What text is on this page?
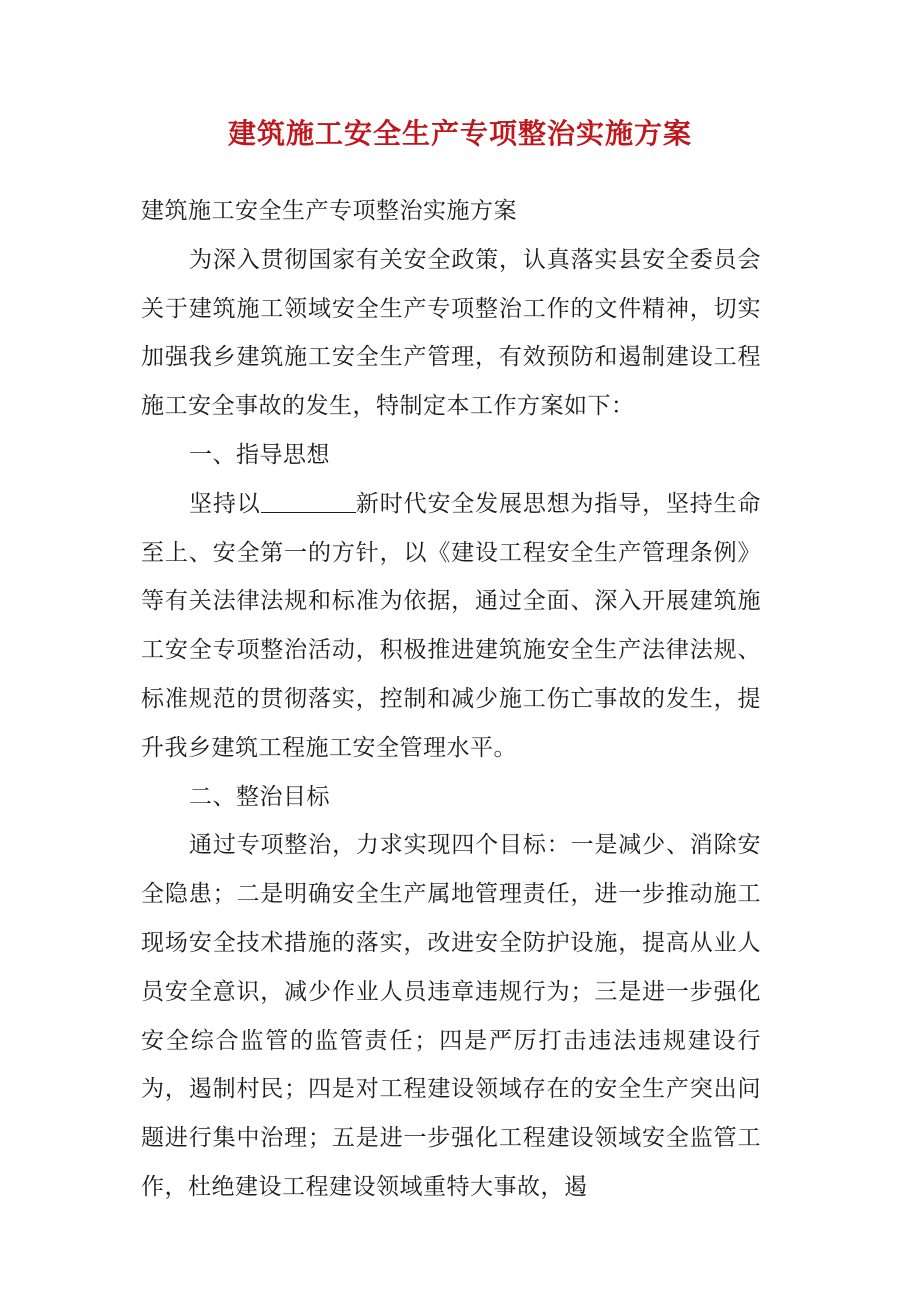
建筑施工安全生产专项整治实施方案

建筑施工安全生产专项整治实施方案

为深入贯彻国家有关安全政策，认真落实县安全委员会关于建筑施工领域安全生产专项整治工作的文件精神，切实加强我乡建筑施工安全生产管理，有效预防和遏制建设工程施工安全事故的发生，特制定本工作方案如下：

一、指导思想

坚持以	新时代安全发展思想为指导，坚持生命至上、安全第一的方针，以《建设工程安全生产管理条例》等有关法律法规和标准为依据，通过全面、深入开展建筑施工安全专项整治活动，积极推进建筑施安全生产法律法规、标准规范的贯彻落实，控制和减少施工伤亡事故的发生，提升我乡建筑工程施工安全管理水平。

二、整治目标

通过专项整治，力求实现四个目标：一是减少、消除安全隐患；二是明确安全生产属地管理责任，进一步推动施工现场安全技术措施的落实，改进安全防护设施，提高从业人员安全意识，减少作业人员违章违规行为；三是进一步强化安全综合监管的监管责任；四是严厉打击违法违规建设行为，遏制村民；四是对工程建设领域存在的安全生产突出问题进行集中治理；五是进一步强化工程建设领域安全监管工作，杜绝建设工程建设领域重特大事故，遏
